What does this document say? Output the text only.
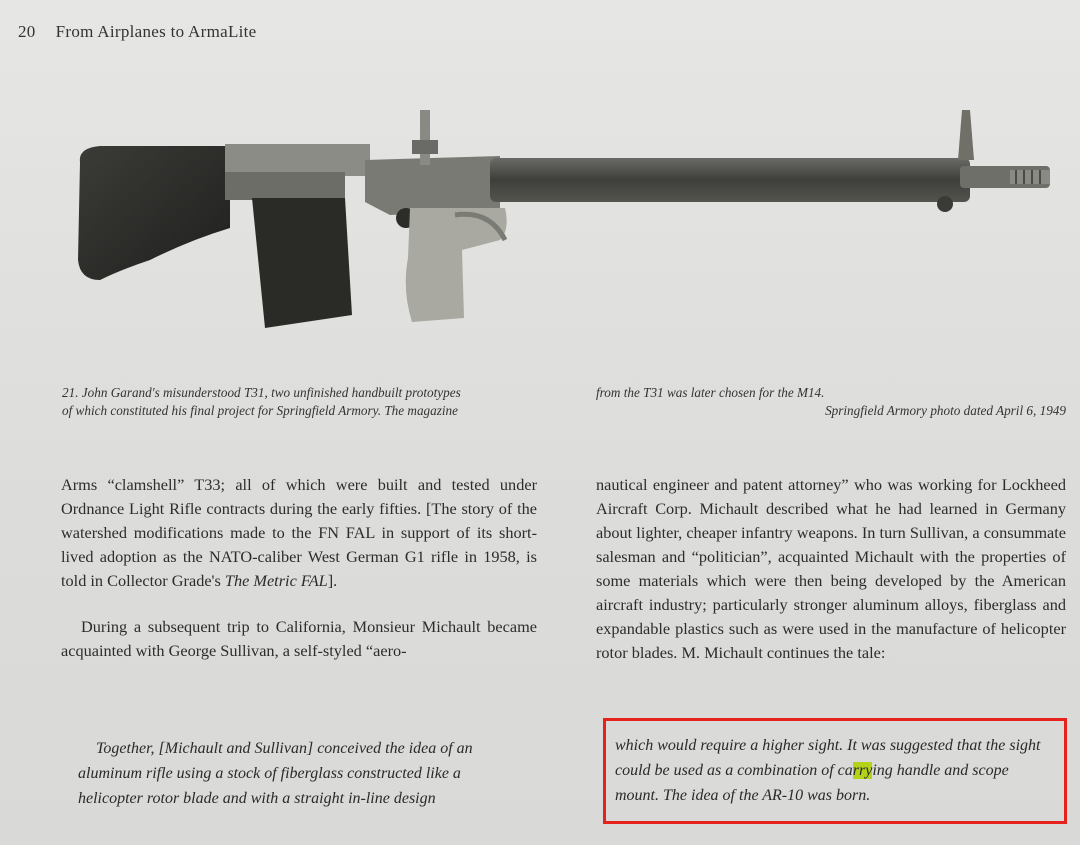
20 From Airplanes to ArmaLite
21. John Garand's misunderstood T31, two unfinished handbuilt prototypes
of which constituted his final project for Springfield Armory. The magazine
from the T31 was later chosen for the M14.
Springfield Armory photo dated April 6, 1949

Arms “clamshell” T33; all of which were built and tested under Ordnance Light Rifle contracts during the early fifties. [The story of the watershed modifications made to the FN FAL in support of its short-lived adoption as the NATO-caliber West German G1 rifle in 1958, is told in Collector Grade's The Metric FAL].

During a subsequent trip to California, Monsieur Michault became acquainted with George Sullivan, a self-styled “aero-

nautical engineer and patent attorney” who was working for Lockheed Aircraft Corp. Michault described what he had learned in Germany about lighter, cheaper infantry weapons. In turn Sullivan, a consummate salesman and “politician”, acquainted Michault with the properties of some materials which were then being developed by the American aircraft industry; particularly stronger aluminum alloys, fiberglass and expandable plastics such as were used in the manufacture of helicopter rotor blades. M. Michault continues the tale:

Together, [Michault and Sullivan] conceived the idea of an aluminum rifle using a stock of fiberglass constructed like a helicopter rotor blade and with a straight in-line design
which would require a higher sight. It was suggested that the sight could be used as a combination of carrying handle and scope mount. The idea of the AR-10 was born.
